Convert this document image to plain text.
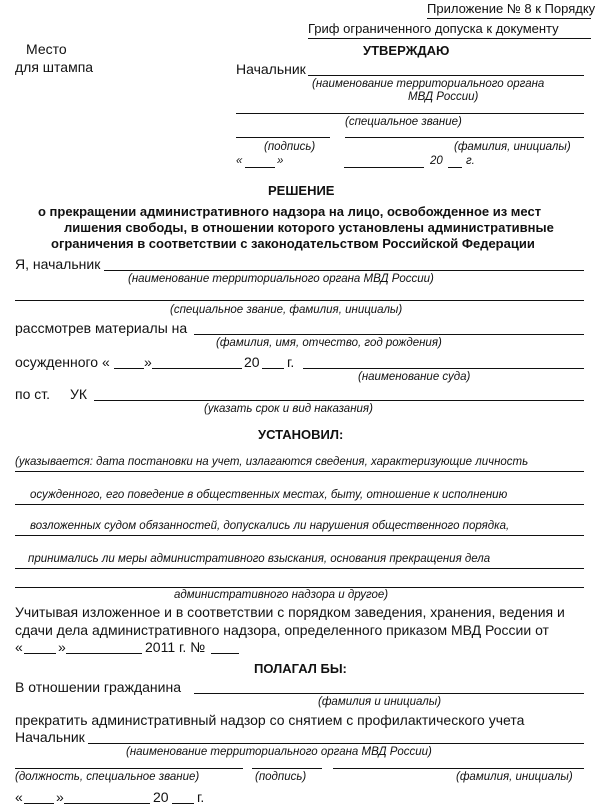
Приложение № 8 к Порядку
Гриф ограниченного допуска к документу
Место
для штампа
УТВЕРЖДАЮ
Начальник
(наименование территориального органа
МВД России)
(специальное звание)
(подпись)	(фамилия, инициалы)
«	»	20 г.
РЕШЕНИЕ
о прекращении административного надзора на лицо, освобожденное из мест
лишения свободы, в отношении которого установлены административные
ограничения в соответствии с законодательством Российской Федерации
Я, начальник
(наименование территориального органа МВД России)
(специальное звание, фамилия, инициалы)
рассмотрев материалы на
(фамилия, имя, отчество, год рождения)
осужденного « »	20 г.
(наименование суда)
по ст. УК
(указать срок и вид наказания)
УСТАНОВИЛ:
(указывается: дата постановки на учет, излагаются сведения, характеризующие личность
осужденного, его поведение в общественных местах, быту, отношение к исполнению
возложенных судом обязанностей, допускались ли нарушения общественного порядка,
принимались ли меры административного взыскания, основания прекращения дела
административного надзора и другое)
Учитывая изложенное и в соответствии с порядком заведения, хранения, ведения и
сдачи дела административного надзора, определенного приказом МВД России от
«	»	2011 г. №
ПОЛАГАЛ БЫ:
В отношении гражданина
(фамилия и инициалы)
прекратить административный надзор со снятием с профилактического учета
Начальник
(наименование территориального органа МВД России)
(должность, специальное звание)	(подпись)	(фамилия, инициалы)
« »	20 г.
